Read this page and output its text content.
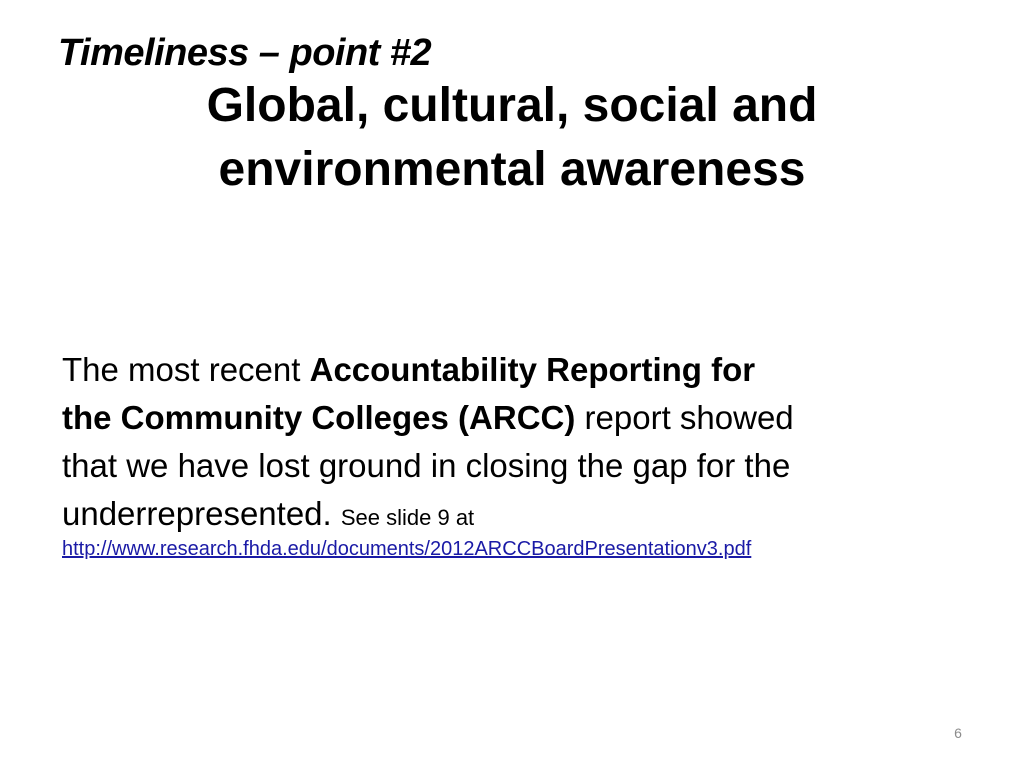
Timeliness – point #2
Global, cultural, social and
environmental awareness
The most recent Accountability Reporting for
the Community Colleges (ARCC) report showed
that we have lost ground in closing the gap for the
underrepresented. See slide 9 at
http://www.research.fhda.edu/documents/2012ARCCBoardPresentationv3.pdf
6
